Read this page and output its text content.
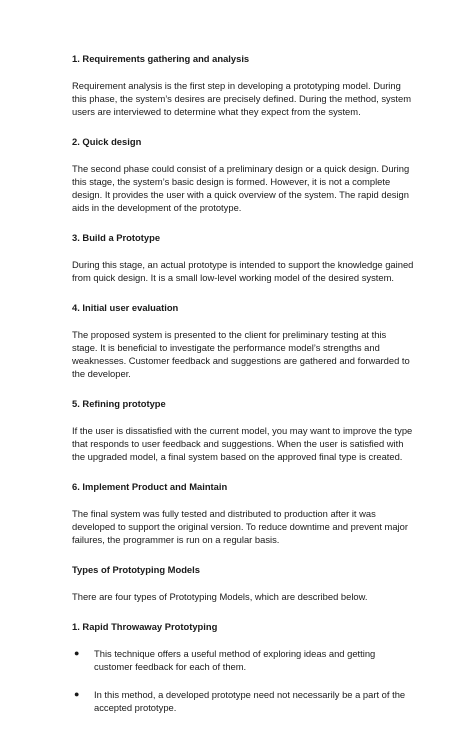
1. Requirements gathering and analysis

Requirement analysis is the first step in developing a prototyping model. During this phase, the system’s desires are precisely defined. During the method, system users are interviewed to determine what they expect from the system.

2. Quick design

The second phase could consist of a preliminary design or a quick design. During this stage, the system’s basic design is formed. However, it is not a complete design. It provides the user with a quick overview of the system. The rapid design aids in the development of the prototype.

3. Build a Prototype

During this stage, an actual prototype is intended to support the knowledge gained from quick design. It is a small low-level working model of the desired system.

4. Initial user evaluation

The proposed system is presented to the client for preliminary testing at this stage. It is beneficial to investigate the performance model’s strengths and weaknesses. Customer feedback and suggestions are gathered and forwarded to the developer.

5. Refining prototype

If the user is dissatisfied with the current model, you may want to improve the type that responds to user feedback and suggestions. When the user is satisfied with the upgraded model, a final system based on the approved final type is created.

6. Implement Product and Maintain

The final system was fully tested and distributed to production after it was developed to support the original version. To reduce downtime and prevent major failures, the programmer is run on a regular basis.

Types of Prototyping Models

There are four types of Prototyping Models, which are described below.

1. Rapid Throwaway Prototyping
● This technique offers a useful method of exploring ideas and getting customer feedback for each of them.
● In this method, a developed prototype need not necessarily be a part of the accepted prototype.
